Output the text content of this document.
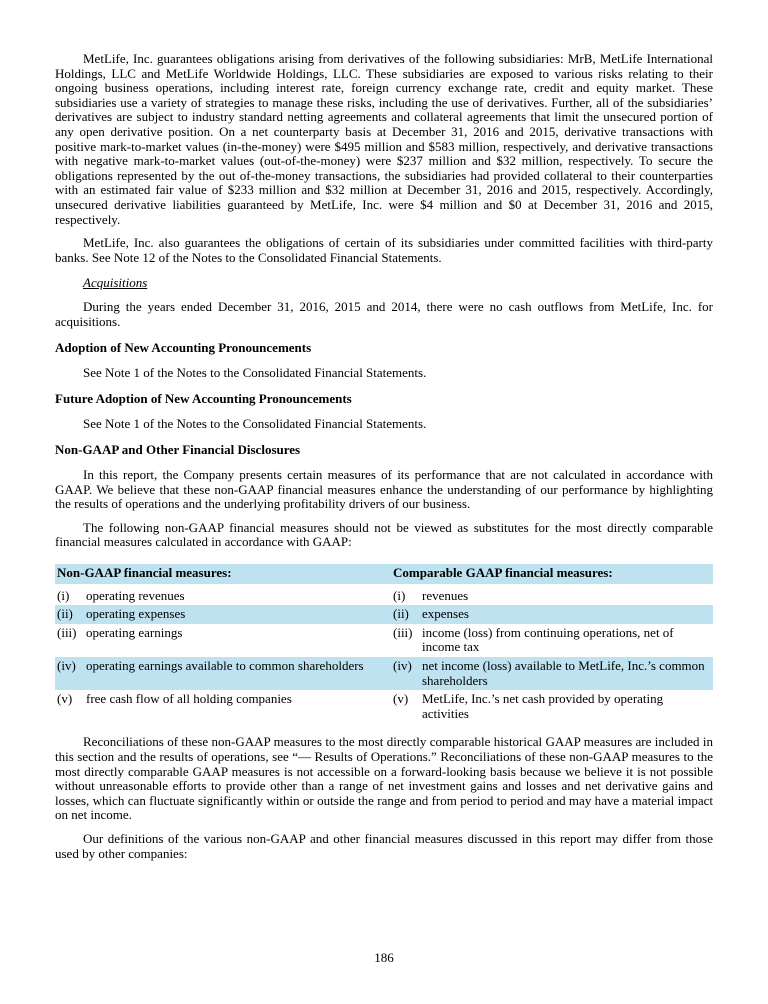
MetLife, Inc. guarantees obligations arising from derivatives of the following subsidiaries: MrB, MetLife International Holdings, LLC and MetLife Worldwide Holdings, LLC. These subsidiaries are exposed to various risks relating to their ongoing business operations, including interest rate, foreign currency exchange rate, credit and equity market. These subsidiaries use a variety of strategies to manage these risks, including the use of derivatives. Further, all of the subsidiaries’ derivatives are subject to industry standard netting agreements and collateral agreements that limit the unsecured portion of any open derivative position. On a net counterparty basis at December 31, 2016 and 2015, derivative transactions with positive mark-to-market values (in-the-money) were $495 million and $583 million, respectively, and derivative transactions with negative mark-to-market values (out-of-the-money) were $237 million and $32 million, respectively. To secure the obligations represented by the out of-the-money transactions, the subsidiaries had provided collateral to their counterparties with an estimated fair value of $233 million and $32 million at December 31, 2016 and 2015, respectively. Accordingly, unsecured derivative liabilities guaranteed by MetLife, Inc. were $4 million and $0 at December 31, 2016 and 2015, respectively.

MetLife, Inc. also guarantees the obligations of certain of its subsidiaries under committed facilities with third-party banks. See Note 12 of the Notes to the Consolidated Financial Statements.

Acquisitions

During the years ended December 31, 2016, 2015 and 2014, there were no cash outflows from MetLife, Inc. for acquisitions.

Adoption of New Accounting Pronouncements

See Note 1 of the Notes to the Consolidated Financial Statements.

Future Adoption of New Accounting Pronouncements

See Note 1 of the Notes to the Consolidated Financial Statements.

Non-GAAP and Other Financial Disclosures

In this report, the Company presents certain measures of its performance that are not calculated in accordance with GAAP. We believe that these non-GAAP financial measures enhance the understanding of our performance by highlighting the results of operations and the underlying profitability drivers of our business.

The following non-GAAP financial measures should not be viewed as substitutes for the most directly comparable financial measures calculated in accordance with GAAP:

Non-GAAP financial measures:	Comparable GAAP financial measures:

(i) operating revenues	(i) revenues

(ii) operating expenses	(ii) expenses

(iii) operating earnings	(iii) income (loss) from continuing operations, net of income tax

(iv) operating earnings available to common shareholders	(iv) net income (loss) available to MetLife, Inc.’s common shareholders

(v) free cash flow of all holding companies	(v) MetLife, Inc.’s net cash provided by operating activities

Reconciliations of these non-GAAP measures to the most directly comparable historical GAAP measures are included in this section and the results of operations, see “— Results of Operations.” Reconciliations of these non-GAAP measures to the most directly comparable GAAP measures is not accessible on a forward-looking basis because we believe it is not possible without unreasonable efforts to provide other than a range of net investment gains and losses and net derivative gains and losses, which can fluctuate significantly within or outside the range and from period to period and may have a material impact on net income.

Our definitions of the various non-GAAP and other financial measures discussed in this report may differ from those used by other companies:

186
